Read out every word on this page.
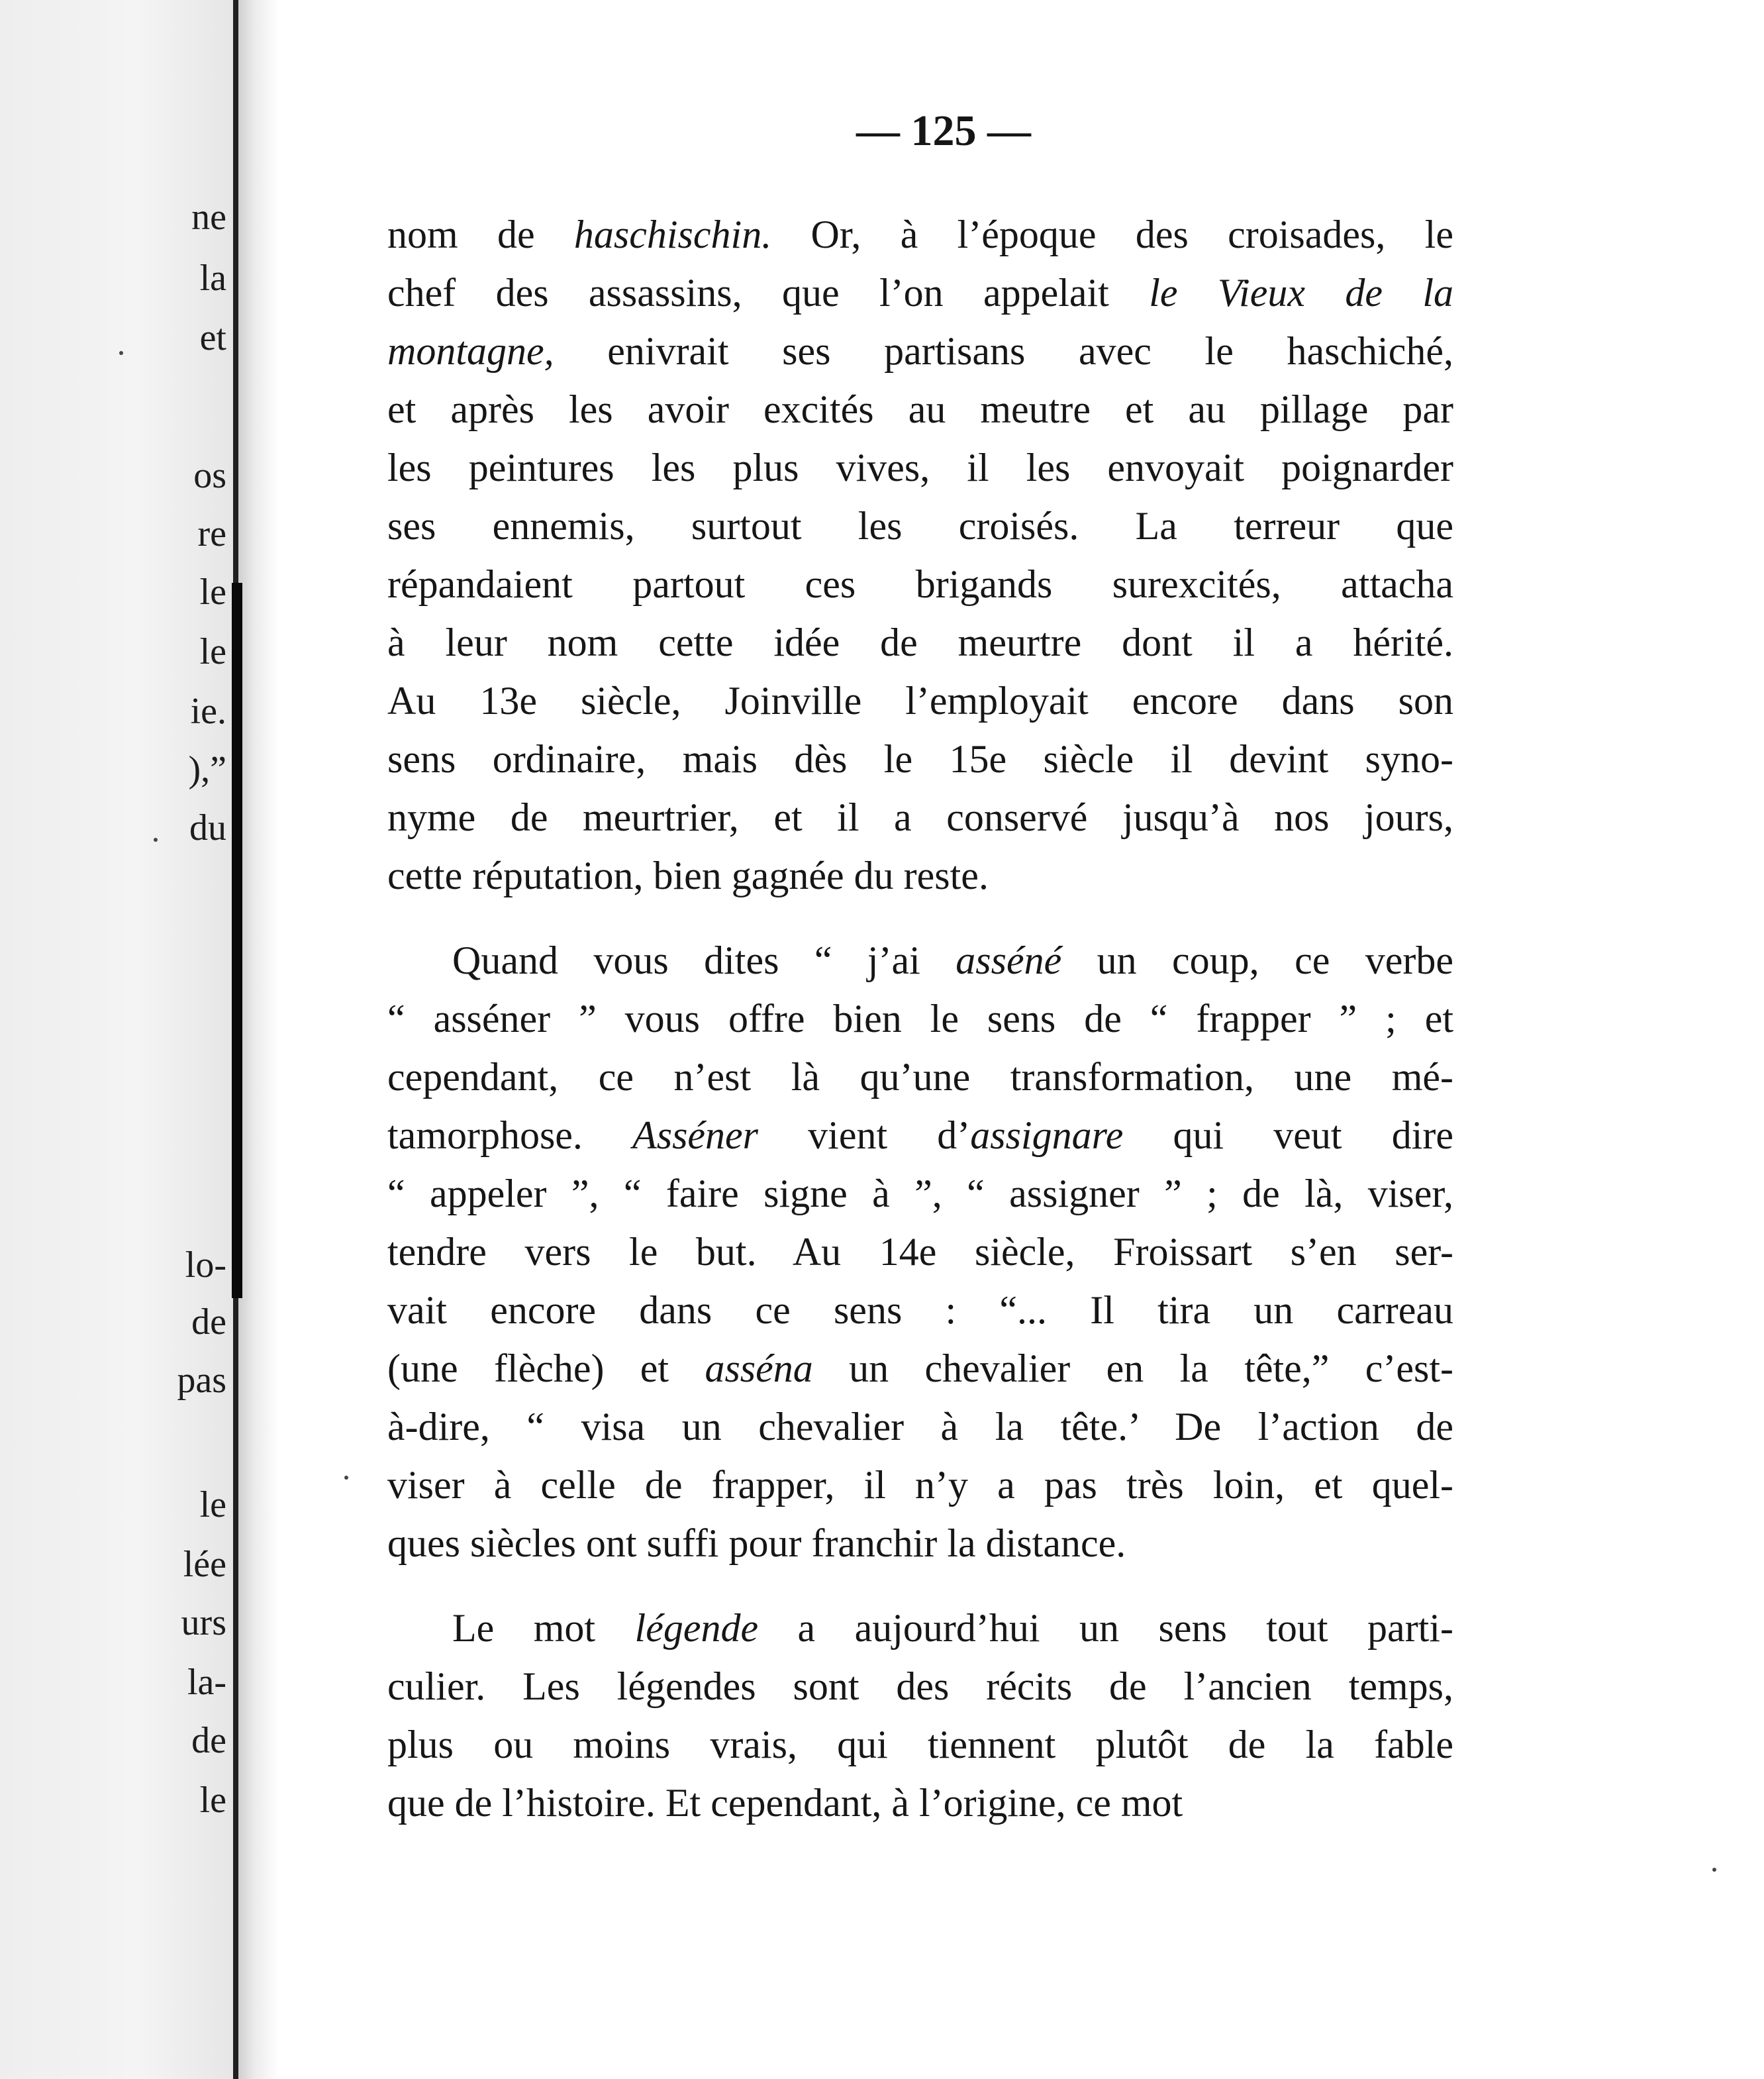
ne
la
et
os
re
le
le
ie.
),”
du
lo-
de
pas
le
lée
urs
la-
de
le
— 125 —
nom de haschischin. Or, à l’époque des croisades, le
chef des assassins, que l’on appelait le Vieux de la
montagne, enivrait ses partisans avec le haschiché,
et après les avoir excités au meutre et au pillage par
les peintures les plus vives, il les envoyait poignarder
ses ennemis, surtout les croisés. La terreur que
répandaient partout ces brigands surexcités, attacha
à leur nom cette idée de meurtre dont il a hérité.
Au 13e siècle, Joinville l’employait encore dans son
sens ordinaire, mais dès le 15e siècle il devint syno-
nyme de meurtrier, et il a conservé jusqu’à nos jours,
cette réputation, bien gagnée du reste.
Quand vous dites “ j’ai asséné un coup, ce verbe
“ asséner ” vous offre bien le sens de “ frapper ” ; et
cependant, ce n’est là qu’une transformation, une mé-
tamorphose. Asséner vient d’assignare qui veut dire
“ appeler ”, “ faire signe à ”, “ assigner ” ; de là, viser,
tendre vers le but. Au 14e siècle, Froissart s’en ser-
vait encore dans ce sens : “... Il tira un carreau
(une flèche) et asséna un chevalier en la tête,” c’est-
à-dire, “ visa un chevalier à la tête.’ De l’action de
viser à celle de frapper, il n’y a pas très loin, et quel-
ques siècles ont suffi pour franchir la distance.
Le mot légende a aujourd’hui un sens tout parti-
culier. Les légendes sont des récits de l’ancien temps,
plus ou moins vrais, qui tiennent plutôt de la fable
que de l’histoire. Et cependant, à l’origine, ce mot
